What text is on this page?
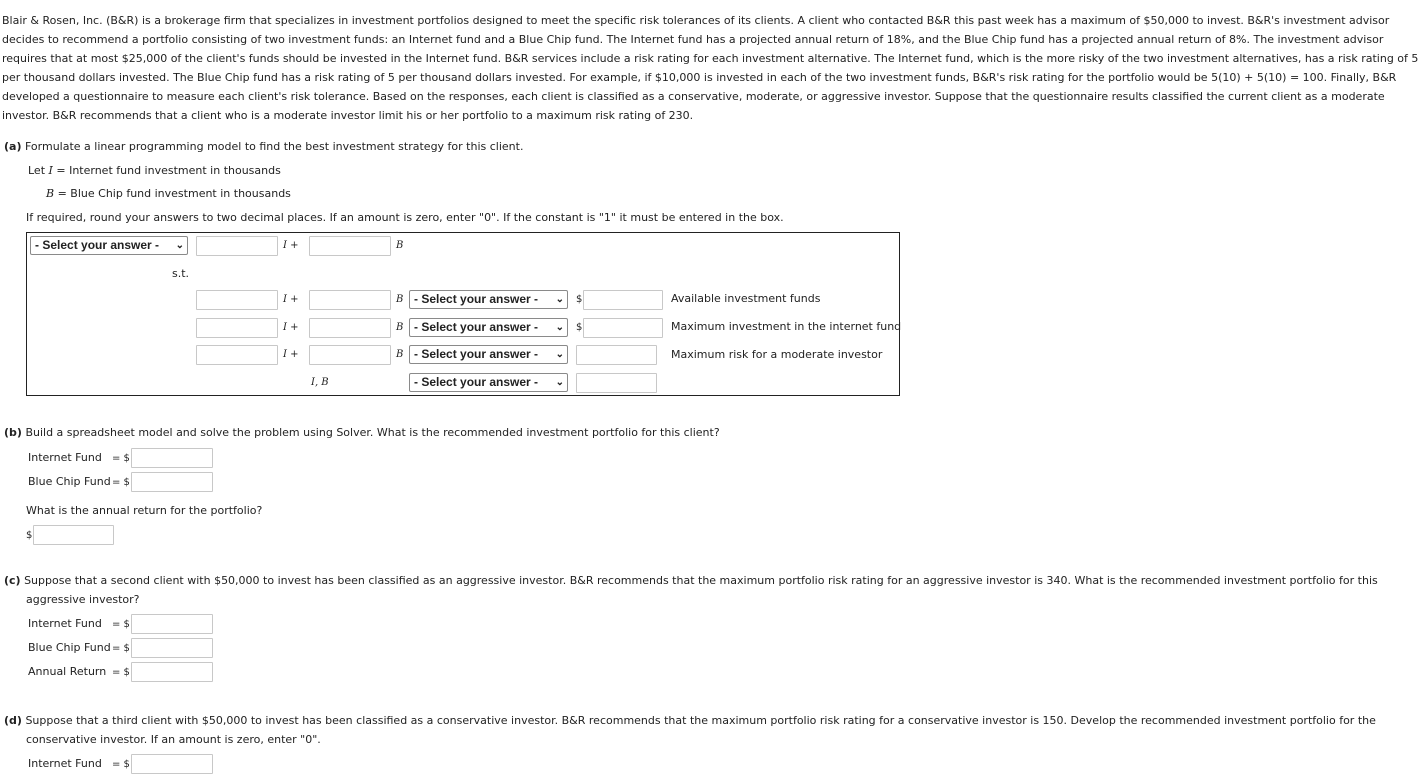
Blair & Rosen, Inc. (B&R) is a brokerage firm that specializes in investment portfolios designed to meet the specific risk tolerances of its clients. A client who contacted B&R this past week has a maximum of $50,000 to invest. B&R's investment advisor decides to recommend a portfolio consisting of two investment funds: an Internet fund and a Blue Chip fund. The Internet fund has a projected annual return of 18%, and the Blue Chip fund has a projected annual return of 8%. The investment advisor requires that at most $25,000 of the client's funds should be invested in the Internet fund. B&R services include a risk rating for each investment alternative. The Internet fund, which is the more risky of the two investment alternatives, has a risk rating of 5 per thousand dollars invested. The Blue Chip fund has a risk rating of 5 per thousand dollars invested. For example, if $10,000 is invested in each of the two investment funds, B&R's risk rating for the portfolio would be 5(10) + 5(10) = 100. Finally, B&R developed a questionnaire to measure each client's risk tolerance. Based on the responses, each client is classified as a conservative, moderate, or aggressive investor. Suppose that the questionnaire results classified the current client as a moderate investor. B&R recommends that a client who is a moderate investor limit his or her portfolio to a maximum risk rating of 230.
(a) Formulate a linear programming model to find the best investment strategy for this client.
Let I = Internet fund investment in thousands
B = Blue Chip fund investment in thousands
If required, round your answers to two decimal places. If an amount is zero, enter "0". If the constant is "1" it must be entered in the box.
- Select your answer - ⌄	I +	B
s.t.
I +	B - Select your answer - ⌄ $	Available investment funds
I +	B - Select your answer - ⌄ $	Maximum investment in the internet fund
I +	B - Select your answer - ⌄	Maximum risk for a moderate investor
I, B	- Select your answer - ⌄
(b) Build a spreadsheet model and solve the problem using Solver. What is the recommended investment portfolio for this client?
Internet Fund = $
Blue Chip Fund = $
What is the annual return for the portfolio?
$
(c) Suppose that a second client with $50,000 to invest has been classified as an aggressive investor. B&R recommends that the maximum portfolio risk rating for an aggressive investor is 340. What is the recommended investment portfolio for this
aggressive investor?
Internet Fund = $
Blue Chip Fund = $
Annual Return = $
(d) Suppose that a third client with $50,000 to invest has been classified as a conservative investor. B&R recommends that the maximum portfolio risk rating for a conservative investor is 150. Develop the recommended investment portfolio for the
conservative investor. If an amount is zero, enter "0".
Internet Fund = $
